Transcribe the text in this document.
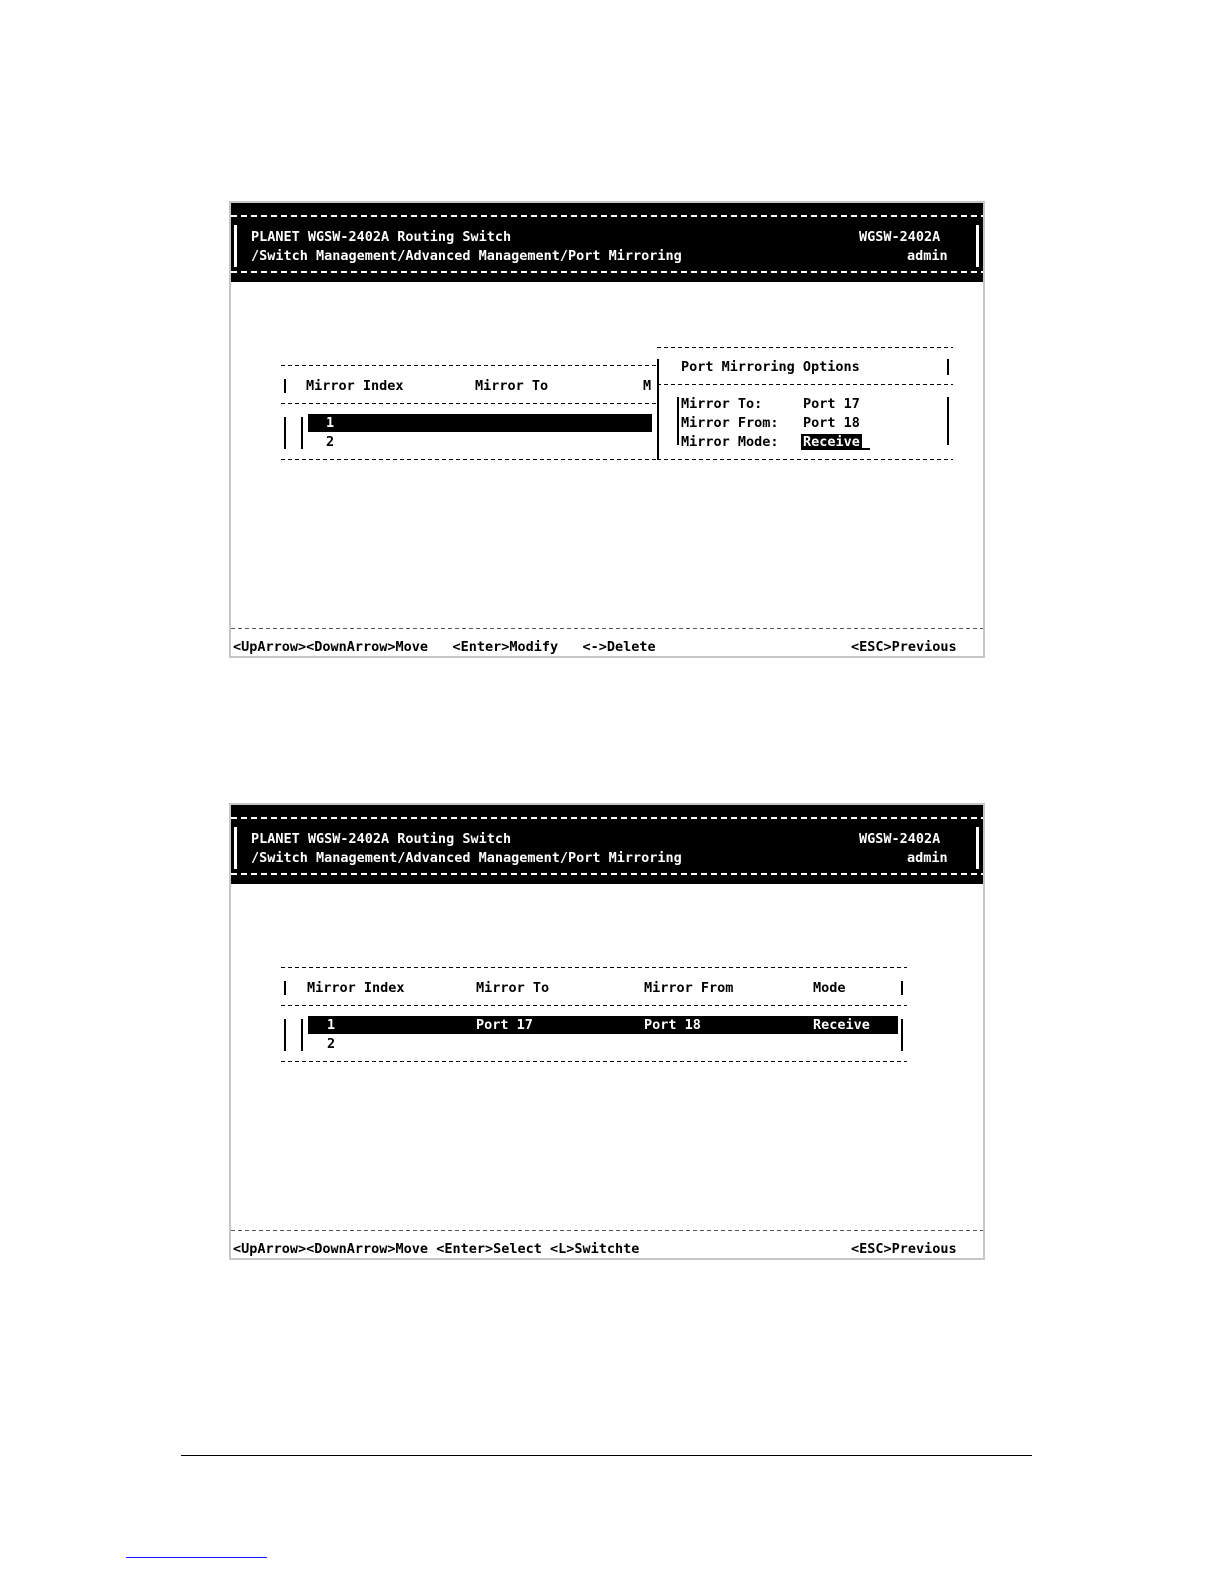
PLANET WGSW-2402A Routing Switch	WGSW-2402A
/Switch Management/Advanced Management/Port Mirroring	admin
Mirror Index	Mirror To	M
1
2
Port Mirroring Options
Mirror To:	Port 17
Mirror From: Port 18
Mirror Mode: Receive
<UpArrow><DownArrow>Move   <Enter>Modify   <->Delete	<ESC>Previous
PLANET WGSW-2402A Routing Switch	WGSW-2402A
/Switch Management/Advanced Management/Port Mirroring	admin
Mirror Index	Mirror To	Mirror From	Mode
1	Port 17	Port 18	Receive
2
<UpArrow><DownArrow>Move <Enter>Select <L>Switchte	<ESC>Previous
